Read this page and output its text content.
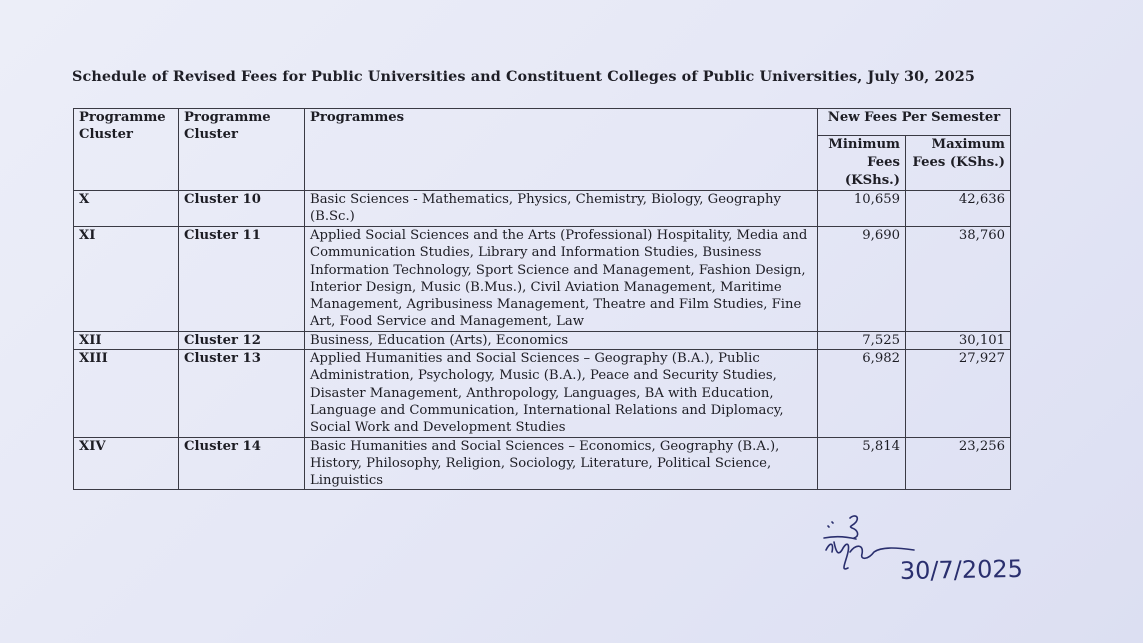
Schedule of Revised Fees for Public Universities and Constituent Colleges of Public Universities, July 30, 2025
Programme Cluster	Programme Cluster	Programmes	New Fees Per Semester	
			Minimum Fees (KShs.)	Maximum Fees (KShs.)
X	Cluster 10	Basic Sciences - Mathematics, Physics, Chemistry, Biology, Geography (B.Sc.)	10,659	42,636
XI	Cluster 11	Applied Social Sciences and the Arts (Professional) Hospitality, Media and Communication Studies, Library and Information Studies, Business Information Technology, Sport Science and Management, Fashion Design, Interior Design, Music (B.Mus.), Civil Aviation Management, Maritime Management, Agribusiness Management, Theatre and Film Studies, Fine Art, Food Service and Management, Law	9,690	38,760
XII	Cluster 12	Business, Education (Arts), Economics	7,525	30,101
XIII	Cluster 13	Applied Humanities and Social Sciences – Geography (B.A.), Public Administration, Psychology, Music (B.A.), Peace and Security Studies, Disaster Management, Anthropology, Languages, BA with Education, Language and Communication, International Relations and Diplomacy, Social Work and Development Studies	6,982	27,927
XIV	Cluster 14	Basic Humanities and Social Sciences – Economics, Geography (B.A.), History, Philosophy, Religion, Sociology, Literature, Political Science, Linguistics	5,814	23,256
30/7/2025
